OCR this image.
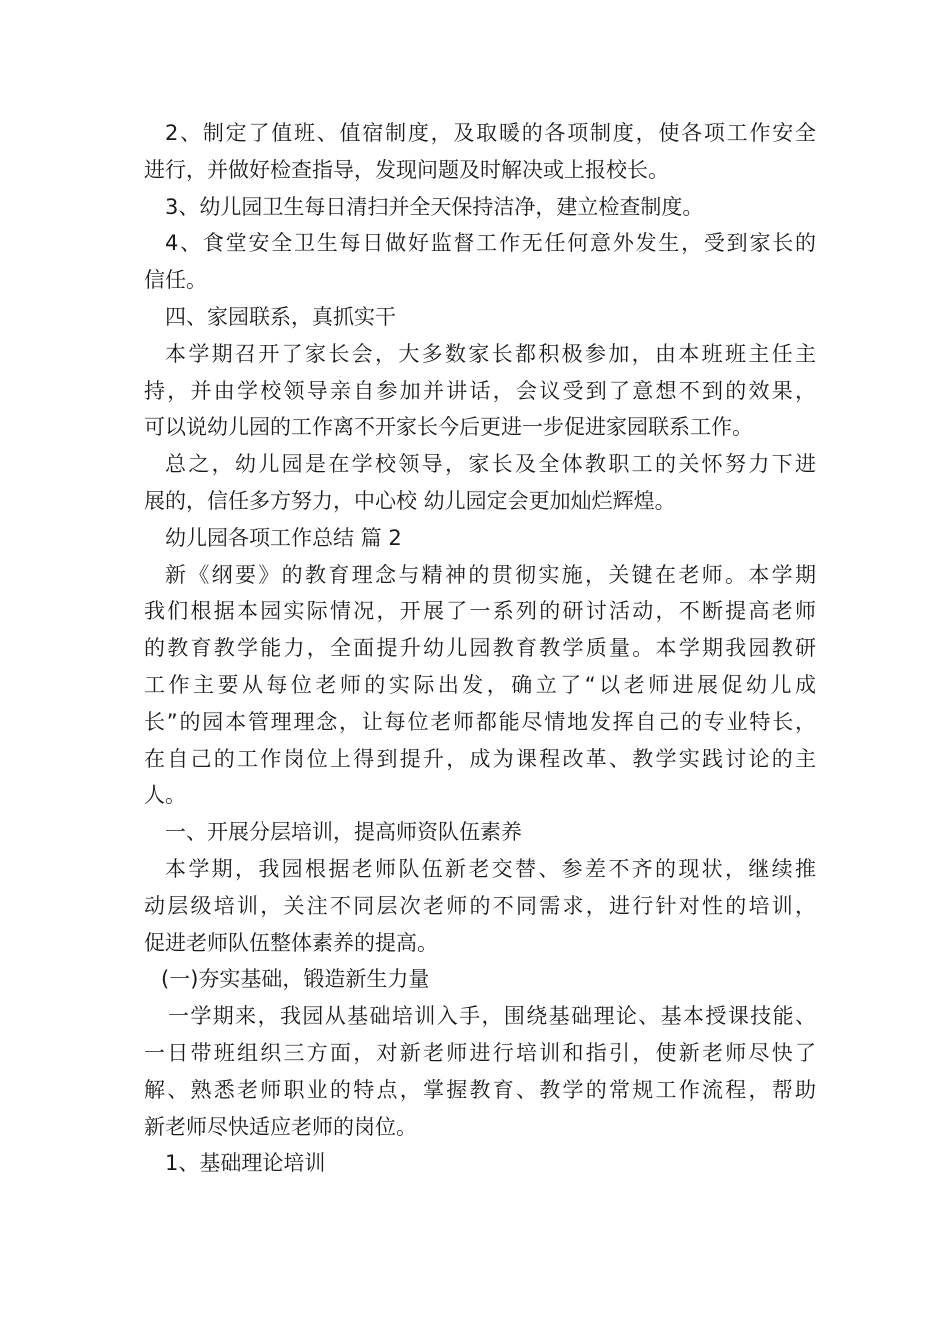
2、制定了值班、值宿制度，及取暖的各项制度，使各项工作安全

进行，并做好检查指导，发现问题及时解决或上报校长。

3、幼儿园卫生每日清扫并全天保持洁净，建立检查制度。

4、食堂安全卫生每日做好监督工作无任何意外发生，受到家长的

信任。

四、家园联系，真抓实干

本学期召开了家长会，大多数家长都积极参加，由本班班主任主

持，并由学校领导亲自参加并讲话，会议受到了意想不到的效果，

可以说幼儿园的工作离不开家长今后更进一步促进家园联系工作。

总之，幼儿园是在学校领导，家长及全体教职工的关怀努力下进

展的，信任多方努力，中心校 幼儿园定会更加灿烂辉煌。

幼儿园各项工作总结 篇 2

新《纲要》的教育理念与精神的贯彻实施，关键在老师。本学期

我们根据本园实际情况，开展了一系列的研讨活动，不断提高老师

的教育教学能力，全面提升幼儿园教育教学质量。本学期我园教研

工作主要从每位老师的实际出发，确立了“以老师进展促幼儿成

长”的园本管理理念，让每位老师都能尽情地发挥自己的专业特长，

在自己的工作岗位上得到提升，成为课程改革、教学实践讨论的主

人。

一、开展分层培训，提高师资队伍素养

本学期，我园根据老师队伍新老交替、参差不齐的现状，继续推

动层级培训，关注不同层次老师的不同需求，进行针对性的培训，

促进老师队伍整体素养的提高。

(一)夯实基础，锻造新生力量

一学期来，我园从基础培训入手，围绕基础理论、基本授课技能、

一日带班组织三方面，对新老师进行培训和指引，使新老师尽快了

解、熟悉老师职业的特点，掌握教育、教学的常规工作流程，帮助

新老师尽快适应老师的岗位。

1、基础理论培训
